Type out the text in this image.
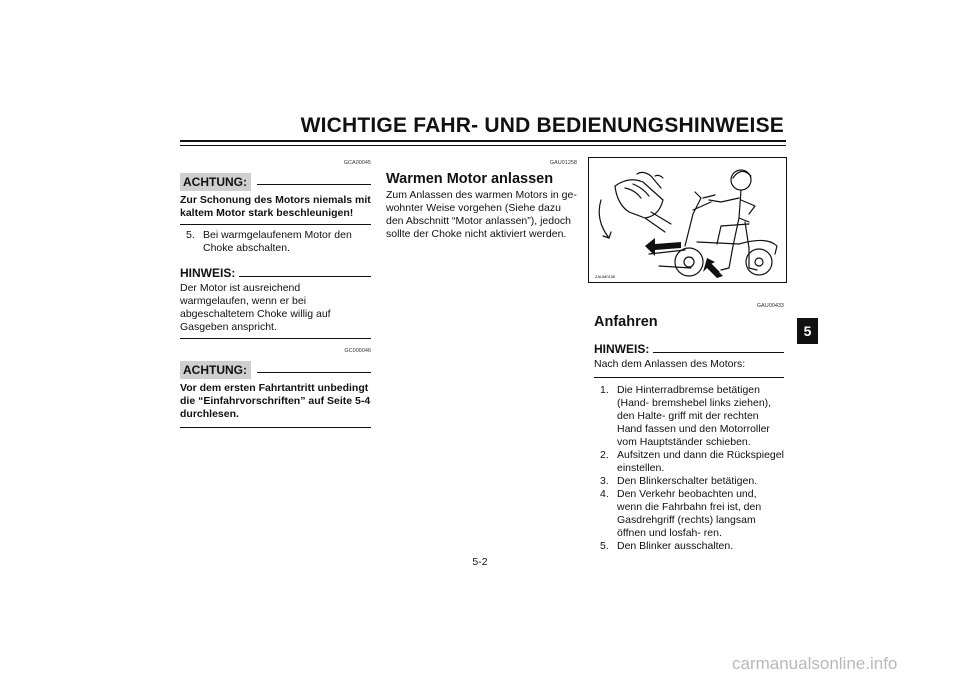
WICHTIGE FAHR- UND BEDIENUNGSHINWEISE
5

GCA00045

ACHTUNG:
Zur Schonung des Motors niemals mit kaltem Motor stark beschleunigen!
5. Bei warmgelaufenem Motor den Choke abschalten.
HINWEIS:
Der Motor ist ausreichend warmgelaufen, wenn er bei abgeschaltetem Choke willig auf Gasgeben anspricht.

GC000046

ACHTUNG:
Vor dem ersten Fahrtantritt unbedingt die “Einfahrvorschriften” auf Seite 5-4 durchlesen.

GAU01258

Warmen Motor anlassen

Zum Anlassen des warmen Motors in ge- wohnter Weise vorgehen (Siehe dazu den Abschnitt “Motor anlassen”), jedoch sollte der Choke nicht aktiviert werden.

ZAUM0156

GAU00433

Anfahren
HINWEIS:
Nach dem Anlassen des Motors:
1. Die Hinterradbremse betätigen (Hand- bremshebel links ziehen), den Halte- griff mit der rechten Hand fassen und den Motorroller vom Hauptständer schieben.
2. Aufsitzen und dann die Rückspiegel einstellen.
3. Den Blinkerschalter betätigen.
4. Den Verkehr beobachten und, wenn die Fahrbahn frei ist, den Gasdrehgriff (rechts) langsam öffnen und losfah- ren.
5. Den Blinker ausschalten.
5-2
carmanualsonline.info
